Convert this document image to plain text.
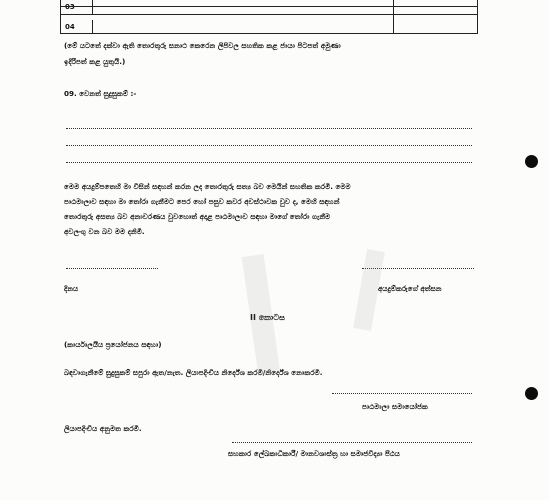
03
04
(මේ යටතේ දක්වා ඇති තොරතුරු සනාථ කෙරෙන ලිපිවල සහතික කළ ජායා පිටපත් අමුණා
ඉදිරිපත් කළ යුතුයි.)
09. වෙනත් සුදුසුකම් :-
මෙම අයදුම්පතෙහි මා විසින් සඳහන් කරන ලද තොරතුරු සත්‍ය බව මෙයින් සහතික කරමි. මෙම
පාඨමාලාව සඳහා මා තෝරා ගැනීමට පෙර හෝ පසුව කවර අවස්ථාවක වුව ද, මෙහි සඳහන්
තොරතුරු අසත්‍ය බව අනාවරණය වුවහොත් අදාළ පාඨමාලාව සඳහා මාගේ තෝරා ගැනීම
අවලංගු වන බව මම දනිමි.
දිනය	අයදුම්කරුගේ අත්සන
II කොටස
(කාර්යාලයීය ප්‍රයෝජනය සඳහා)
බඳවාගැනීමේ සුදුසුකම් සපුරා ඇත/නැත. ලියාපදිංචිය නිර්දේශ කරමි/නිර්දේශ නොකරමි.
පාඨමාලා සමායෝජක
ලියාපදිංචිය අනුමත කරමි.
සහකාර ලේඛකාධිකාරී/ මානවශාස්ත්‍ර හා සමාජවිද්‍යා පීඨය
